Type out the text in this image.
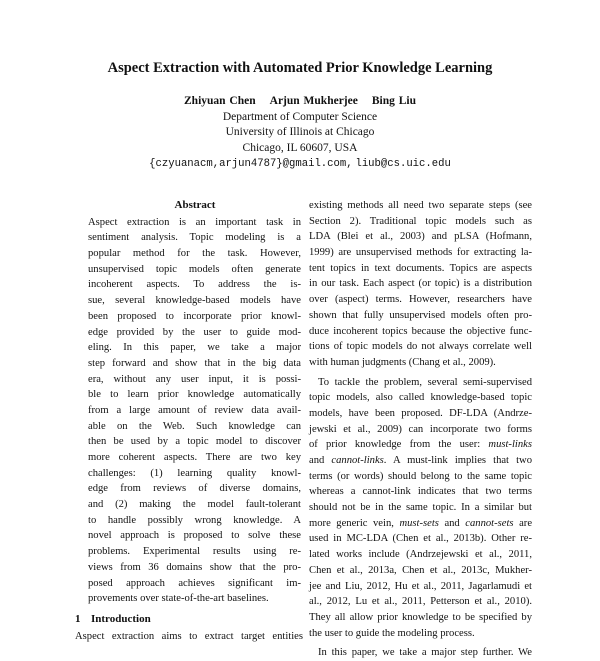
Aspect Extraction with Automated Prior Knowledge Learning
Zhiyuan Chen Arjun Mukherjee Bing Liu
Department of Computer Science
University of Illinois at Chicago
Chicago, IL 60607, USA
{czyuanacm,arjun4787}@gmail.com, liub@cs.uic.edu
Abstract
Aspect extraction is an important task in
sentiment analysis. Topic modeling is a
popular method for the task. However,
unsupervised topic models often generate
incoherent aspects. To address the is-
sue, several knowledge-based models have
been proposed to incorporate prior knowl-
edge provided by the user to guide mod-
eling. In this paper, we take a major
step forward and show that in the big data
era, without any user input, it is possi-
ble to learn prior knowledge automatically
from a large amount of review data avail-
able on the Web. Such knowledge can
then be used by a topic model to discover
more coherent aspects. There are two key
challenges: (1) learning quality knowl-
edge from reviews of diverse domains,
and (2) making the model fault-tolerant
to handle possibly wrong knowledge. A
novel approach is proposed to solve these
problems. Experimental results using re-
views from 36 domains show that the pro-
posed approach achieves significant im-
provements over state-of-the-art baselines.
1 Introduction
Aspect extraction aims to extract target entities
existing methods all need two separate steps (see
Section 2). Traditional topic models such as
LDA (Blei et al., 2003) and pLSA (Hofmann,
1999) are unsupervised methods for extracting la-
tent topics in text documents. Topics are aspects
in our task. Each aspect (or topic) is a distribution
over (aspect) terms. However, researchers have
shown that fully unsupervised models often pro-
duce incoherent topics because the objective func-
tions of topic models do not always correlate well
with human judgments (Chang et al., 2009).
To tackle the problem, several semi-supervised
topic models, also called knowledge-based topic
models, have been proposed. DF-LDA (Andrze-
jewski et al., 2009) can incorporate two forms
of prior knowledge from the user: must-links
and cannot-links. A must-link implies that two
terms (or words) should belong to the same topic
whereas a cannot-link indicates that two terms
should not be in the same topic. In a similar but
more generic vein, must-sets and cannot-sets are
used in MC-LDA (Chen et al., 2013b). Other re-
lated works include (Andrzejewski et al., 2011,
Chen et al., 2013a, Chen et al., 2013c, Mukher-
jee and Liu, 2012, Hu et al., 2011, Jagarlamudi et
al., 2012, Lu et al., 2011, Petterson et al., 2010).
They all allow prior knowledge to be specified by
the user to guide the modeling process.
In this paper, we take a major step further. We
